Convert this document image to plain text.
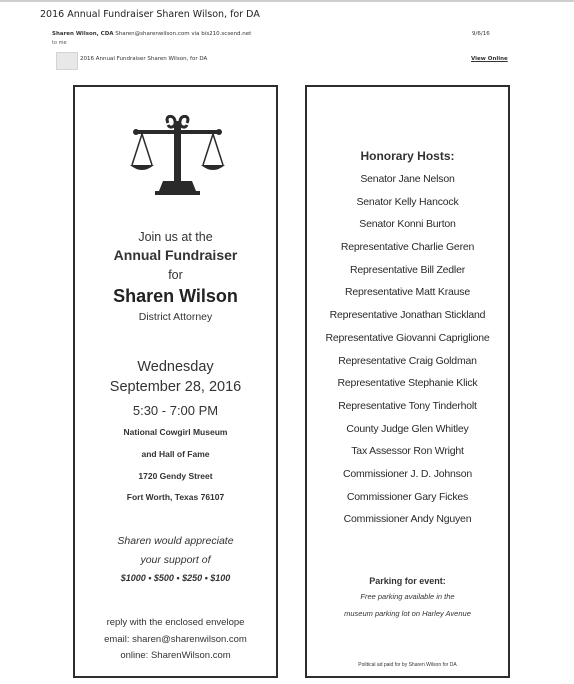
2016 Annual Fundraiser Sharen Wilson, for DA
Sharen Wilson, CDA Sharen@sharenwilson.com via bis210.scsend.net
to me
9/6/16
2016 Annual Fundraiser Sharen Wilson, for DA	View Online
Join us at the
Annual Fundraiser
for
Sharen Wilson
District Attorney
Wednesday
September 28, 2016
5:30 - 7:00 PM
National Cowgirl Museum
and Hall of Fame
1720 Gendy Street
Fort Worth, Texas 76107
Sharen would appreciate
your support of
$1000 • $500 • $250 • $100
reply with the enclosed envelope
email: sharen@sharenwilson.com
online: SharenWilson.com
Honorary Hosts:
Senator Jane Nelson
Senator Kelly Hancock
Senator Konni Burton
Representative Charlie Geren
Representative Bill Zedler
Representative Matt Krause
Representative Jonathan Stickland
Representative Giovanni Capriglione
Representative Craig Goldman
Representative Stephanie Klick
Representative Tony Tinderholt
County Judge Glen Whitley
Tax Assessor Ron Wright
Commissioner J. D. Johnson
Commissioner Gary Fickes
Commissioner Andy Nguyen
Parking for event:
Free parking available in the
museum parking lot on Harley Avenue
Political ad paid for by Sharen Wilson for DA
